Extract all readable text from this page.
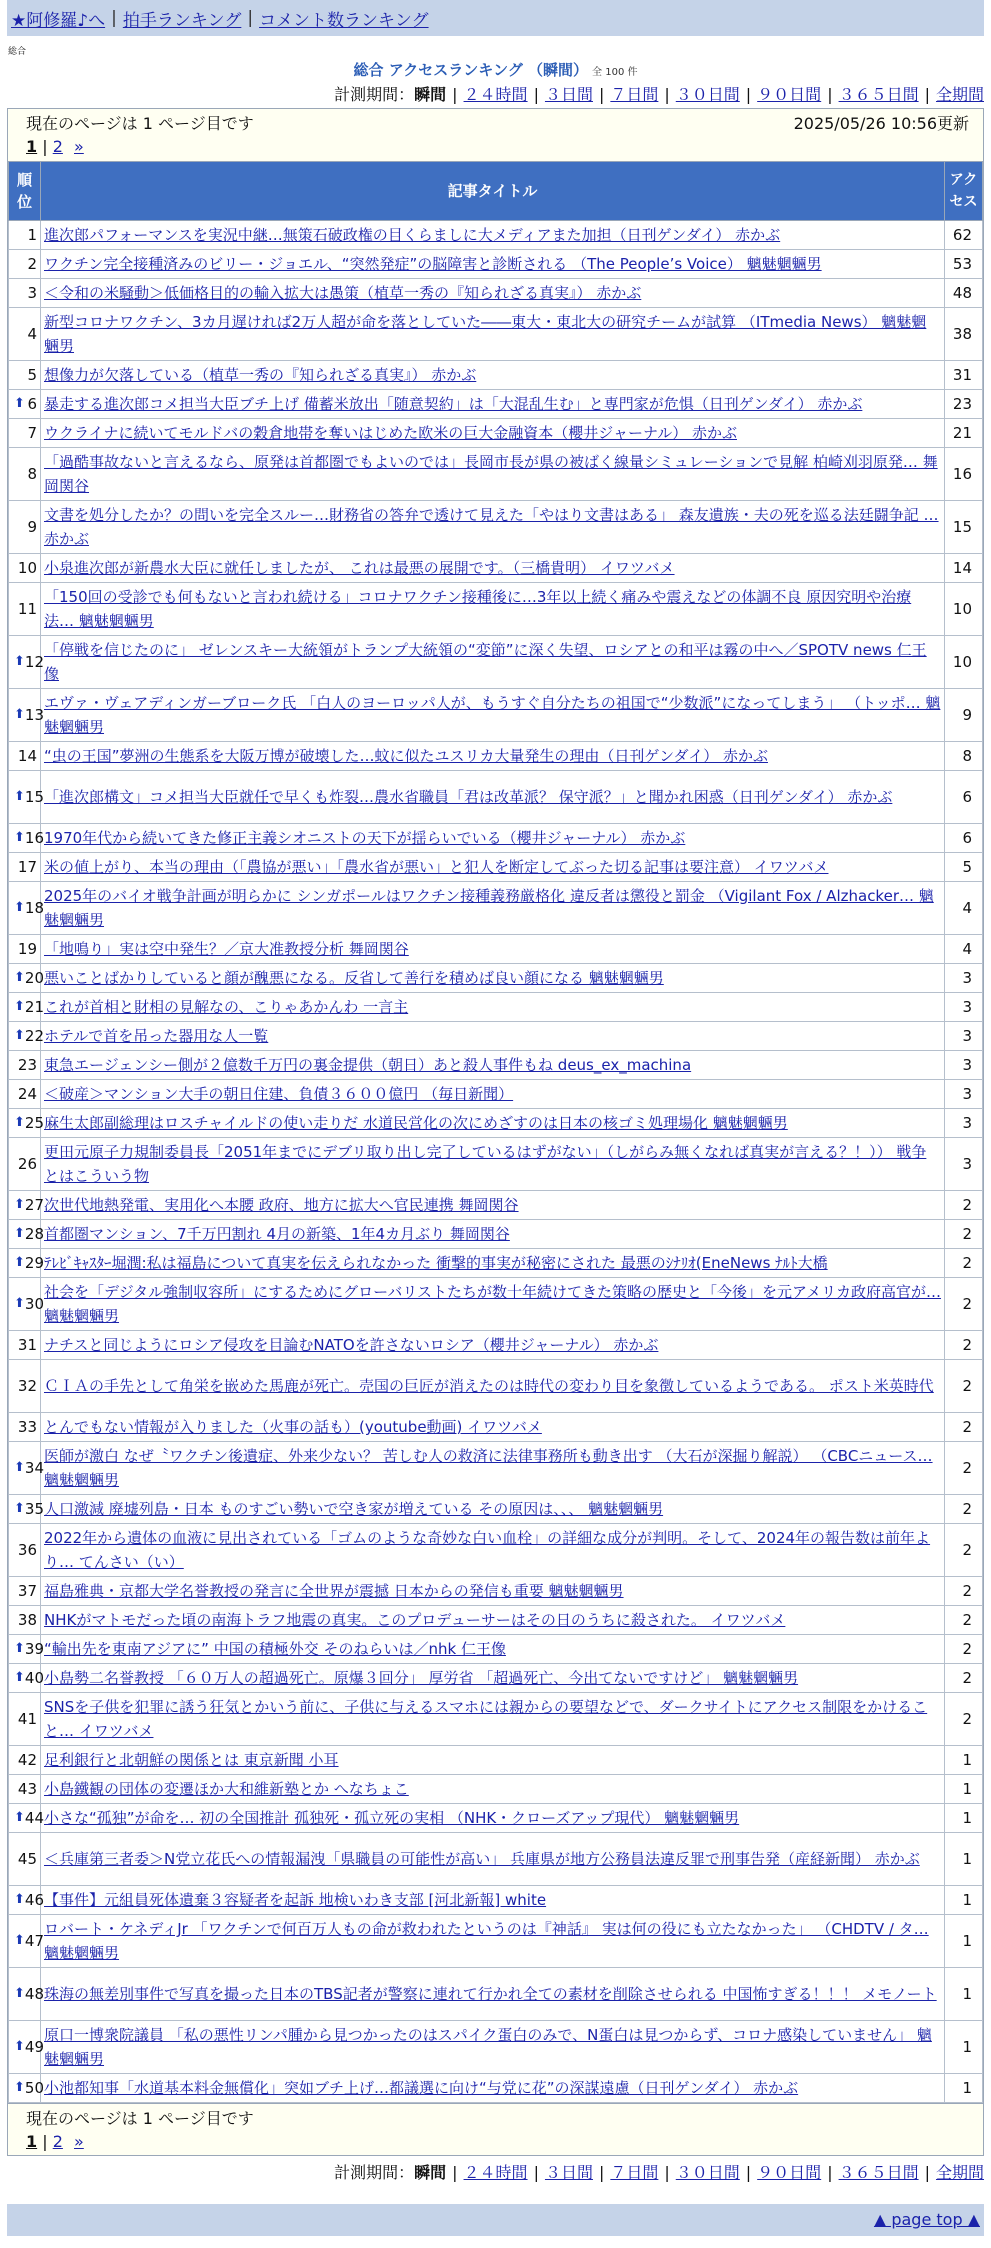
★阿修羅♪へ | 拍手ランキング | コメント数ランキング
総合
総合 アクセスランキング （瞬間） 全 100 件
計測期間：瞬間 | ２４時間 | ３日間 | ７日間 | ３０日間 | ９０日間 | ３６５日間 | 全期間
現在のページは 1 ページ目です	2025/05/26 10:56更新
1 | 2 »
順位	記事タイトル	アクセス
1	進次郎パフォーマンスを実況中継…無策石破政権の目くらましに大メディアまた加担（日刊ゲンダイ） 赤かぶ	62
2	ワクチン完全接種済みのビリー・ジョエル、“突然発症”の脳障害と診断される （The People’s Voice） 魑魅魍魎男	53
3	＜令和の米騒動＞低価格目的の輸入拡大は愚策（植草一秀の『知られざる真実』） 赤かぶ	48
4	新型コロナワクチン、3カ月遅ければ2万人超が命を落としていた――東大・東北大の研究チームが試算 （ITmedia News） 魑魅魍魎男	38
5	想像力が欠落している（植草一秀の『知られざる真実』） 赤かぶ	31

⬆ 6	暴走する進次郎コメ担当大臣ブチ上げ 備蓄米放出「随意契約」は「大混乱生む」と専門家が危惧（日刊ゲンダイ） 赤かぶ	23
7	ウクライナに続いてモルドバの穀倉地帯を奪いはじめた欧米の巨大金融資本（櫻井ジャーナル） 赤かぶ	21
8	「過酷事故ないと言えるなら、原発は首都圏でもよいのでは」長岡市長が県の被ばく線量シミュレーションで見解 柏崎刈羽原発… 舞岡関谷	16
9	文書を処分したか？の問いを完全スルー…財務省の答弁で透けて見えた「やはり文書はある」 森友遺族・夫の死を巡る法廷闘争記 … 赤かぶ	15
10	小泉進次郎が新農水大臣に就任しましたが、 これは最悪の展開です。（三橋貴明） イワツバメ	14
11	「150回の受診でも何もないと言われ続ける」コロナワクチン接種後に…3年以上続く痛みや震えなどの体調不良 原因究明や治療法… 魑魅魍魎男	10

⬆ 12	「停戦を信じたのに」 ゼレンスキー大統領がトランプ大統領の“変節”に深く失望、ロシアとの和平は霧の中へ／SPOTV news 仁王像	10

⬆ 13	エヴァ・ヴェアディンガーブローク氏 「白人のヨーロッパ人が、もうすぐ自分たちの祖国で“少数派”になってしまう」 （トッポ… 魑魅魍魎男	9
14	“虫の王国”夢洲の生態系を大阪万博が破壊した…蚊に似たユスリカ大量発生の理由（日刊ゲンダイ） 赤かぶ	8

⬆ 15	「進次郎構文」コメ担当大臣就任で早くも炸裂…農水省職員「君は改革派？ 保守派？」と聞かれ困惑（日刊ゲンダイ） 赤かぶ	6

⬆ 16	1970年代から続いてきた修正主義シオニストの天下が揺らいでいる（櫻井ジャーナル） 赤かぶ	6
17	米の値上がり、本当の理由（「農協が悪い」「農水省が悪い」と犯人を断定してぶった切る記事は要注意） イワツバメ	5

⬆ 18	2025年のバイオ戦争計画が明らかに シンガポールはワクチン接種義務厳格化 違反者は懲役と罰金 （Vigilant Fox / Alzhacker… 魑魅魍魎男	4
19	「地鳴り」実は空中発生？／京大准教授分析 舞岡関谷	4

⬆ 20	悪いことばかりしていると顔が醜悪になる。反省して善行を積めば良い顔になる 魑魅魍魎男	3

⬆ 21	これが首相と財相の見解なの、こりゃあかんわ 一言主	3

⬆ 22	ホテルで首を吊った器用な人一覧	3
23	東急エージェンシー側が２億数千万円の裏金提供（朝日）あと殺人事件もね deus_ex_machina	3
24	＜破産＞マンション大手の朝日住建、負債３６００億円 （毎日新聞）	3

⬆ 25	麻生太郎副総理はロスチャイルドの使い走りだ 水道民営化の次にめざすのは日本の核ゴミ処理場化 魑魅魍魎男	3
26	更田元原子力規制委員長「2051年までにデブリ取り出し完了しているはずがない」（しがらみ無くなれば真実が言える？！）） 戦争とはこういう物	3

⬆ 27	次世代地熱発電、実用化へ本腰 政府、地方に拡大へ官民連携 舞岡関谷	2

⬆ 28	首都圏マンション、7千万円割れ 4月の新築、1年4カ月ぶり 舞岡関谷	2

⬆ 29	ﾃﾚﾋﾞｷｬｽﾀｰ堀潤:私は福島について真実を伝えられなかった 衝撃的事実が秘密にされた 最悪のｼﾅﾘｵ(EneNews ﾅﾙﾄ大橋	2

⬆ 30	社会を「デジタル強制収容所」にするためにグローバリストたちが数十年続けてきた策略の歴史と「今後」を元アメリカ政府高官が… 魑魅魍魎男	2
31	ナチスと同じようにロシア侵攻を目論むNATOを許さないロシア（櫻井ジャーナル） 赤かぶ	2
32	ＣＩＡの手先として角栄を嵌めた馬鹿が死亡。売国の巨匠が消えたのは時代の変わり目を象徴しているようである。 ポスト米英時代	2
33	とんでもない情報が入りました（火事の話も）(youtube動画) イワツバメ	2

⬆ 34	医師が激白 なぜ〝ワクチン後遺症、外来少ない？ 苦しむ人の救済に法律事務所も動き出す （大石が深掘り解説） （CBCニュース… 魑魅魍魎男	2

⬆ 35	人口激減 廃墟列島・日本 ものすごい勢いで空き家が増えている その原因は、、、 魑魅魍魎男	2
36	2022年から遺体の血液に見出されている「ゴムのような奇妙な白い血栓」の詳細な成分が判明。そして、2024年の報告数は前年より… てんさい（い）	2
37	福島雅典・京都大学名誉教授の発言に全世界が震撼 日本からの発信も重要 魑魅魍魎男	2
38	NHKがマトモだった頃の南海トラフ地震の真実。このプロデューサーはその日のうちに殺された。 イワツバメ	2

⬆ 39	“輸出先を東南アジアに” 中国の積極外交 そのねらいは／nhk 仁王像	2

⬆ 40	小島勢二名誉教授 「６０万人の超過死亡。原爆３回分」 厚労省 「超過死亡、今出てないですけど」 魑魅魍魎男	2
41	SNSを子供を犯罪に誘う狂気とかいう前に、子供に与えるスマホには親からの要望などで、ダークサイトにアクセス制限をかけること… イワツバメ	2
42	足利銀行と北朝鮮の関係とは 東京新聞 小耳	1
43	小島鐵観の団体の変遷ほか大和維新塾とか へなちょこ	1

⬆ 44	小さな“孤独”が命を… 初の全国推計 孤独死・孤立死の実相 （NHK・クローズアップ現代） 魑魅魍魎男	1
45	＜兵庫第三者委＞N党立花氏への情報漏洩「県職員の可能性が高い」 兵庫県が地方公務員法違反罪で刑事告発（産経新聞） 赤かぶ	1

⬆ 46	【事件】元組員死体遺棄３容疑者を起訴 地検いわき支部 [河北新報] white	1

⬆ 47	ロバート・ケネディJr 「ワクチンで何百万人もの命が救われたというのは『神話』 実は何の役にも立たなかった」 （CHDTV / タ… 魑魅魍魎男	1

⬆ 48	珠海の無差別事件で写真を撮った日本のTBS記者が警察に連れて行かれ全ての素材を削除させられる 中国怖すぎる！！！ メモノート	1

⬆ 49	原口一博衆院議員 「私の悪性リンパ腫から見つかったのはスパイク蛋白のみで、N蛋白は見つからず、コロナ感染していません」 魑魅魍魎男	1

⬆ 50	小池都知事「水道基本料金無償化」突如ブチ上げ…都議選に向け“与党に花”の深謀遠慮（日刊ゲンダイ） 赤かぶ	1
現在のページは 1 ページ目です
1 | 2 »
計測期間：瞬間 | ２４時間 | ３日間 | ７日間 | ３０日間 | ９０日間 | ３６５日間 | 全期間
▲ page top ▲
